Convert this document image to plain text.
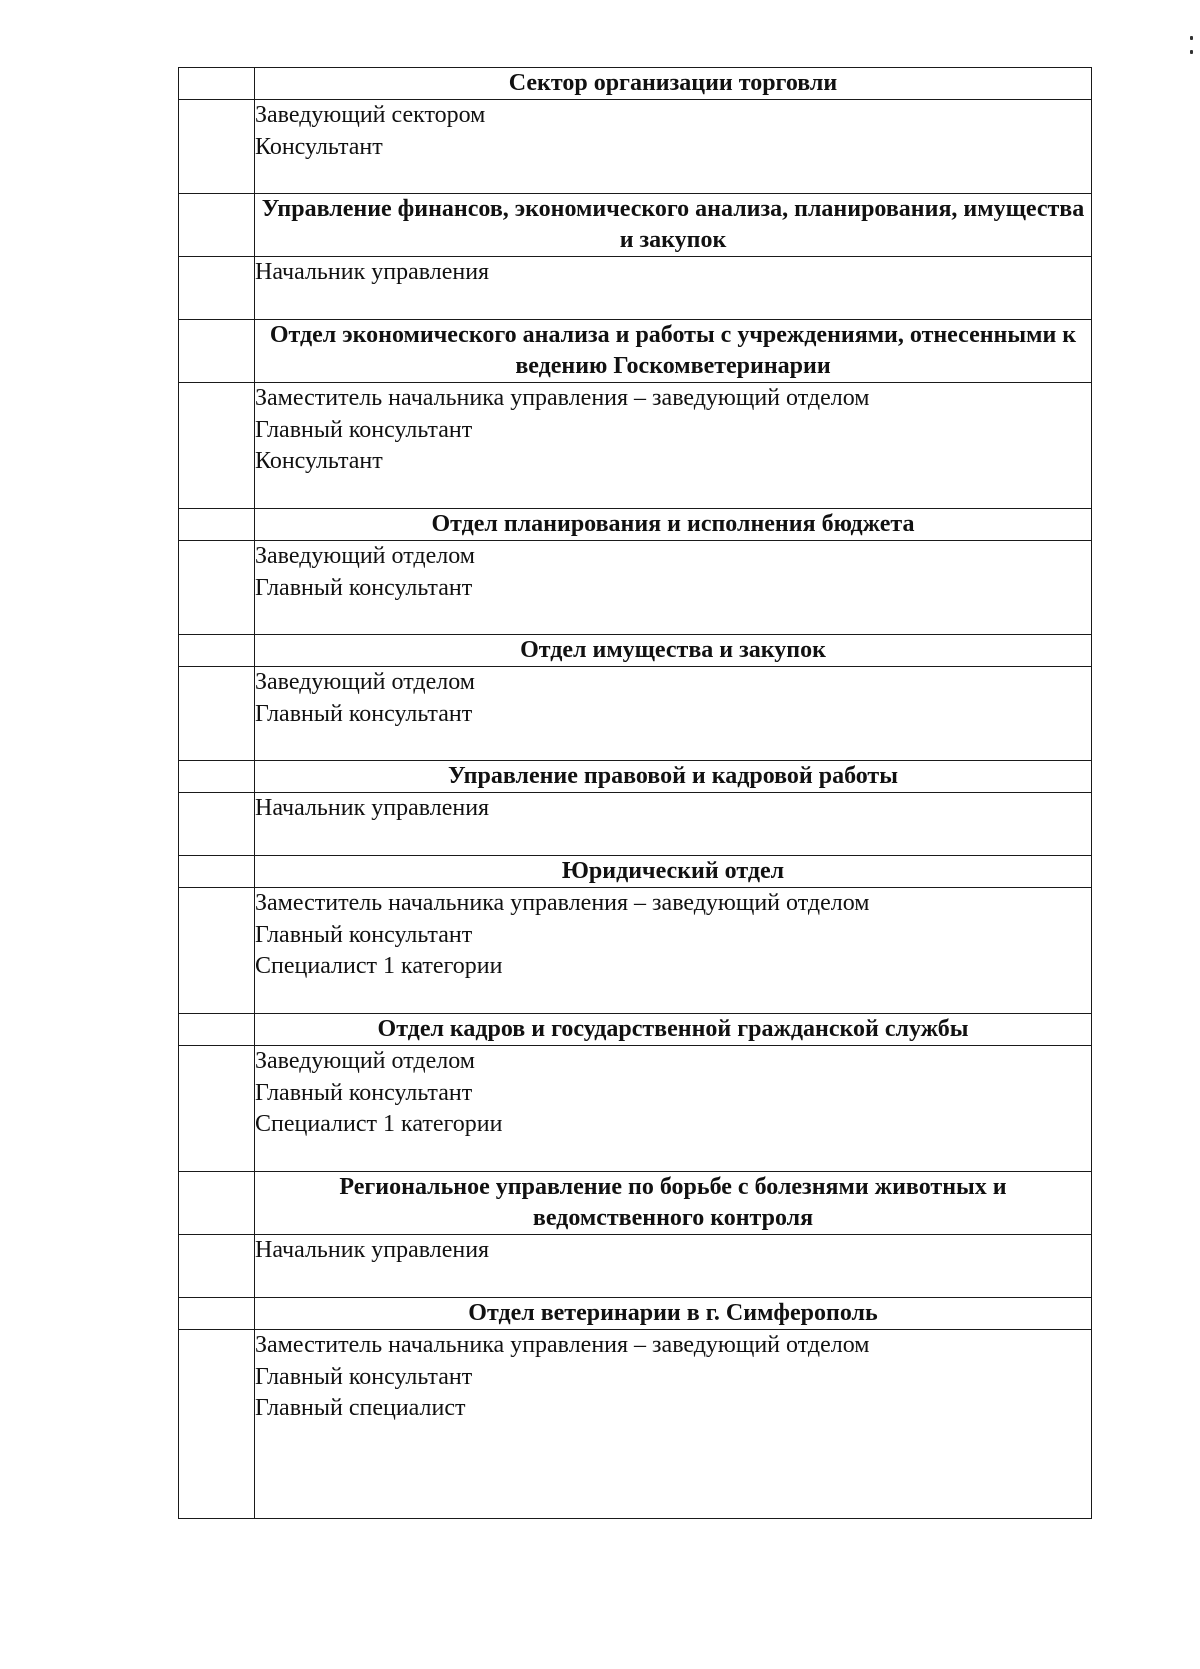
	Сектор организации торговли

	Заведующий сектором
Консультант

	Управление финансов, экономического анализа, планирования, имущества и закупок

	Начальник управления

	Отдел экономического анализа и работы с учреждениями, отнесенными к ведению Госкомветеринарии

	Заместитель начальника управления – заведующий отделом
Главный консультант
Консультант

	Отдел планирования и исполнения бюджета

	Заведующий отделом
Главный консультант

	Отдел имущества и закупок

	Заведующий отделом
Главный консультант

	Управление правовой и кадровой работы

	Начальник управления

	Юридический отдел

	Заместитель начальника управления – заведующий отделом
Главный консультант
Специалист 1 категории

	Отдел кадров и государственной гражданской службы

	Заведующий отделом
Главный консультант
Специалист 1 категории

	Региональное управление по борьбе с болезнями животных и ведомственного контроля

	Начальник управления

	Отдел ветеринарии в г. Симферополь

	Заместитель начальника управления – заведующий отделом
Главный консультант
Главный специалист
